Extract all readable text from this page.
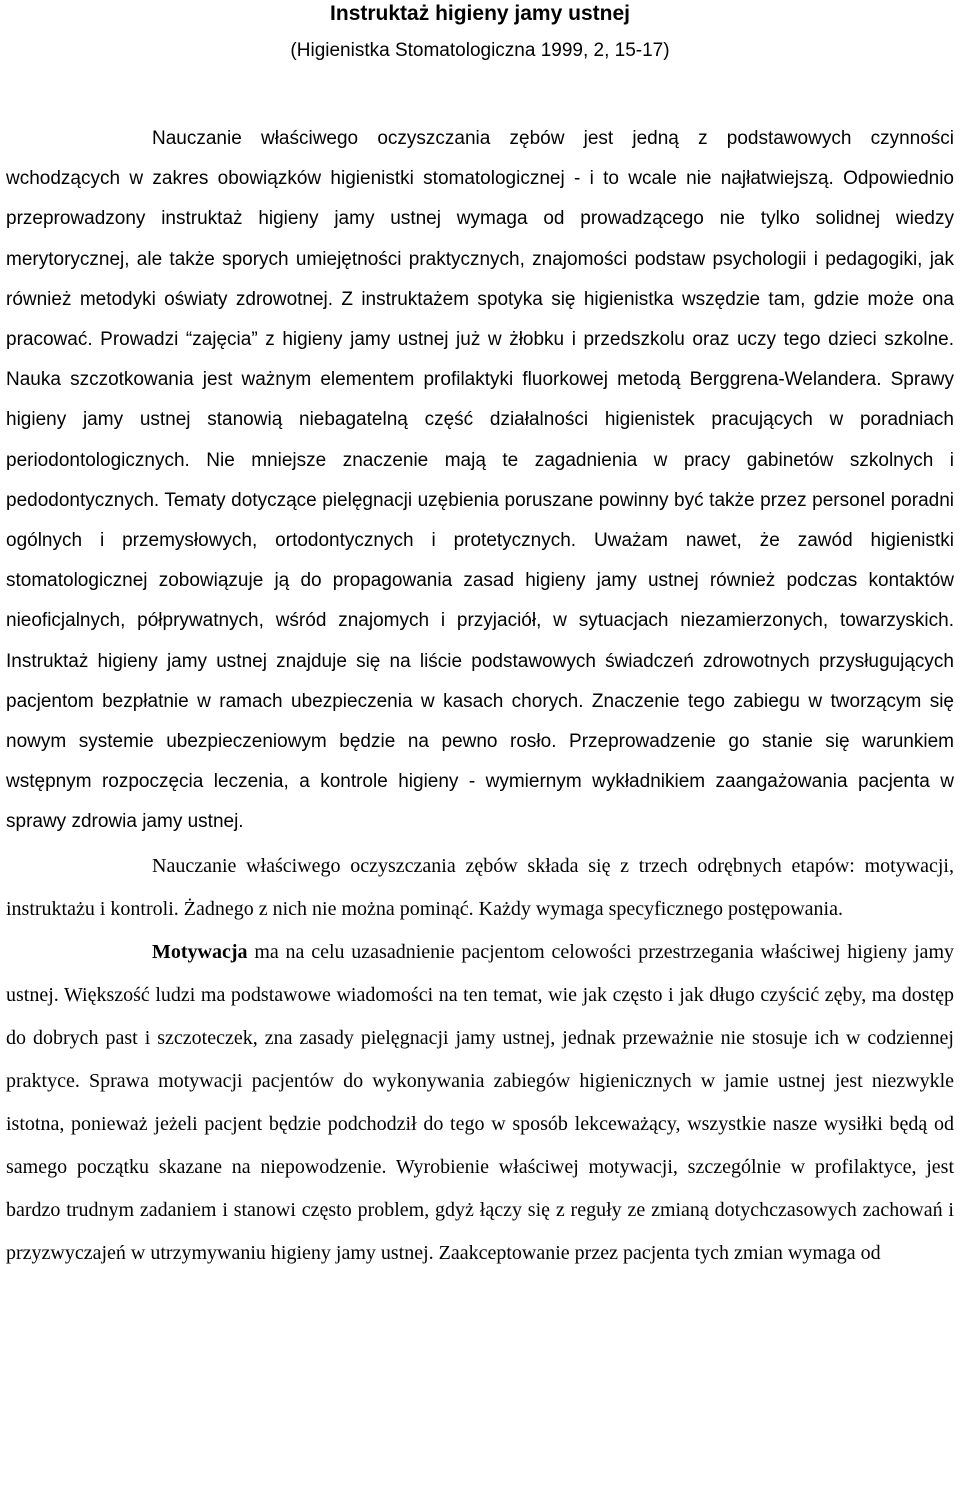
Instruktaż higieny jamy ustnej
(Higienistka Stomatologiczna 1999, 2, 15-17)

Nauczanie właściwego oczyszczania zębów jest jedną z podstawowych czynności wchodzących w zakres obowiązków higienistki stomatologicznej - i to wcale nie najłatwiejszą. Odpowiednio przeprowadzony instruktaż higieny jamy ustnej wymaga od prowadzącego nie tylko solidnej wiedzy merytorycznej, ale także sporych umiejętności praktycznych, znajomości podstaw psychologii i pedagogiki, jak również metodyki oświaty zdrowotnej. Z instruktażem spotyka się higienistka wszędzie tam, gdzie może ona pracować. Prowadzi “zajęcia” z higieny jamy ustnej już w żłobku i przedszkolu oraz uczy tego dzieci szkolne. Nauka szczotkowania jest ważnym elementem profilaktyki fluorkowej metodą Berggrena-Welandera. Sprawy higieny jamy ustnej stanowią niebagatelną część działalności higienistek pracujących w poradniach periodontologicznych. Nie mniejsze znaczenie mają te zagadnienia w pracy gabinetów szkolnych i pedodontycznych. Tematy dotyczące pielęgnacji uzębienia poruszane powinny być także przez personel poradni ogólnych i przemysłowych, ortodontycznych i protetycznych. Uważam nawet, że zawód higienistki stomatologicznej zobowiązuje ją do propagowania zasad higieny jamy ustnej również podczas kontaktów nieoficjalnych, półprywatnych, wśród znajomych i przyjaciół, w sytuacjach niezamierzonych, towarzyskich. Instruktaż higieny jamy ustnej znajduje się na liście podstawowych świadczeń zdrowotnych przysługujących pacjentom bezpłatnie w ramach ubezpieczenia w kasach chorych. Znaczenie tego zabiegu w tworzącym się nowym systemie ubezpieczeniowym będzie na pewno rosło. Przeprowadzenie go stanie się warunkiem wstępnym rozpoczęcia leczenia, a kontrole higieny - wymiernym wykładnikiem zaangażowania pacjenta w sprawy zdrowia jamy ustnej.

Nauczanie właściwego oczyszczania zębów składa się z trzech odrębnych etapów: motywacji, instruktażu i kontroli. Żadnego z nich nie można pominąć. Każdy wymaga specyficznego postępowania.

Motywacja ma na celu uzasadnienie pacjentom celowości przestrzegania właściwej higieny jamy ustnej. Większość ludzi ma podstawowe wiadomości na ten temat, wie jak często i jak długo czyścić zęby, ma dostęp do dobrych past i szczoteczek, zna zasady pielęgnacji jamy ustnej, jednak przeważnie nie stosuje ich w codziennej praktyce. Sprawa motywacji pacjentów do wykonywania zabiegów higienicznych w jamie ustnej jest niezwykle istotna, ponieważ jeżeli pacjent będzie podchodził do tego w sposób lekceważący, wszystkie nasze wysiłki będą od samego początku skazane na niepowodzenie. Wyrobienie właściwej motywacji, szczególnie w profilaktyce, jest bardzo trudnym zadaniem i stanowi często problem, gdyż łączy się z reguły ze zmianą dotychczasowych zachowań i przyzwyczajeń w utrzymywaniu higieny jamy ustnej. Zaakceptowanie przez pacjenta tych zmian wymaga od
